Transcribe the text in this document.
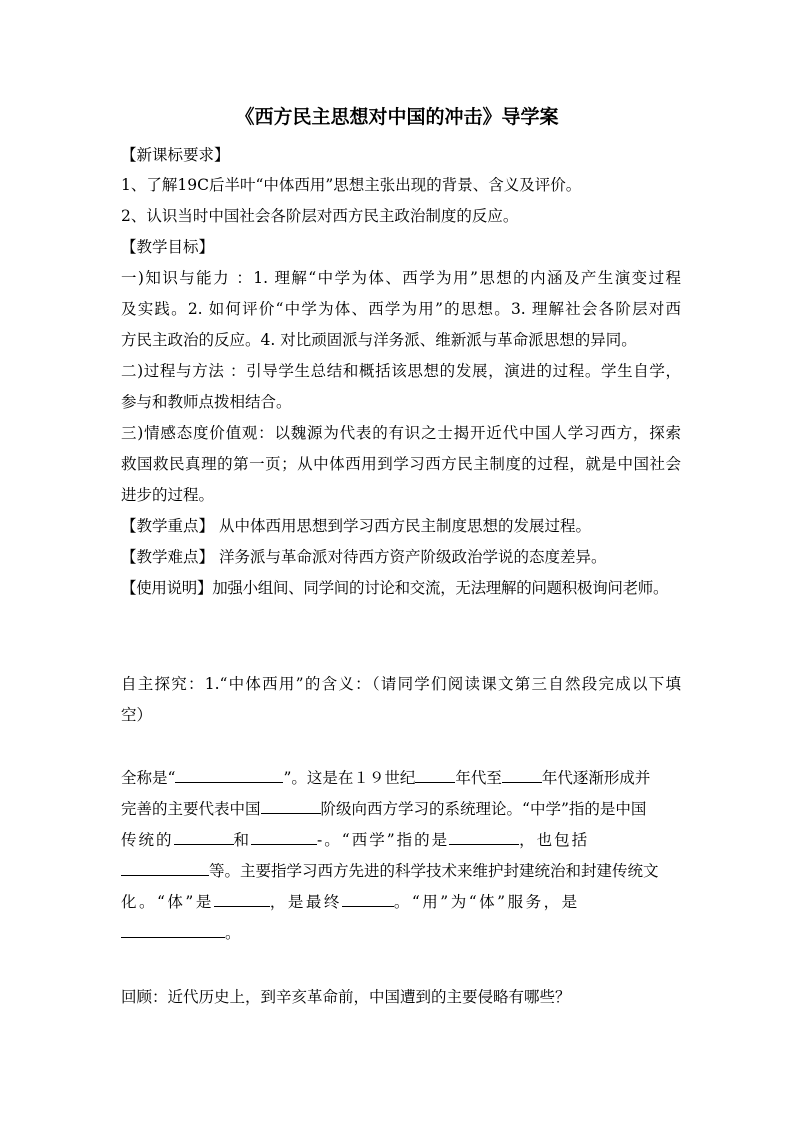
《西方民主思想对中国的冲击》导学案
【新课标要求】
1、了解19C后半叶“中体西用”思想主张出现的背景、含义及评价。
2、认识当时中国社会各阶层对西方民主政治制度的反应。
【教学目标】
一)知识与能力 ：1. 理解“中学为体、西学为用”思想的内涵及产生演变过程
及实践。2. 如何评价“中学为体、西学为用”的思想。3. 理解社会各阶层对西
方民主政治的反应。4. 对比顽固派与洋务派、维新派与革命派思想的异同。
二)过程与方法 ：引导学生总结和概括该思想的发展，演进的过程。学生自学，
参与和教师点拨相结合。
三)情感态度价值观：以魏源为代表的有识之士揭开近代中国人学习西方，探索
救国救民真理的第一页；从中体西用到学习西方民主制度的过程，就是中国社会
进步的过程。
【教学重点】 从中体西用思想到学习西方民主制度思想的发展过程。
【教学难点】 洋务派与革命派对待西方资产阶级政治学说的态度差异。
【使用说明】加强小组间、同学间的讨论和交流，无法理解的问题积极询问老师。
自主探究：1.“中体西用”的含义：（请同学们阅读课文第三自然段完成以下填
空）
全称是“	”。这是在１９世纪	年代至	年代逐渐形成并
完善的主要代表中国	阶级向西方学习的系统理论。“中学”指的是中国
传统的	和	-。“西学”指的是	，也包括
等。主要指学习西方先进的科学技术来维护封建统治和封建传统文
化。“体”是	，是最终	。“用”为“体”服务，是
。
回顾：近代历史上，到辛亥革命前，中国遭到的主要侵略有哪些？
